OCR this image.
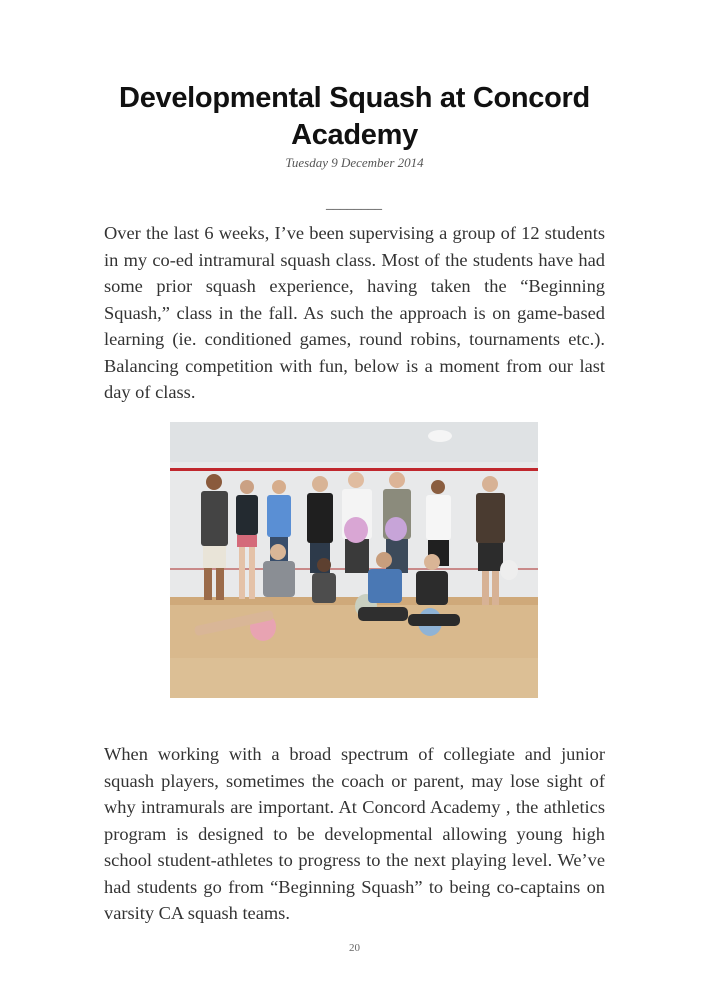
Developmental Squash at Concord Academy
Tuesday 9 December 2014
________

Over the last 6 weeks, I’ve been supervising a group of 12 students in my co-ed intramural squash class. Most of the students have had some prior squash experience, having taken the “Beginning Squash,” class in the fall. As such the approach is on game-based learning (ie. conditioned games, round robins, tournaments etc.). Balancing competition with fun, below is a moment from our last day of class.

When working with a broad spectrum of collegiate and junior squash players, sometimes the coach or parent, may lose sight of why intramurals are important. At Concord Academy , the athletics program is designed to be developmental allowing young high school student-athletes to progress to the next playing level. We’ve had students go from “Beginning Squash” to being co-captains on varsity CA squash teams.

20
